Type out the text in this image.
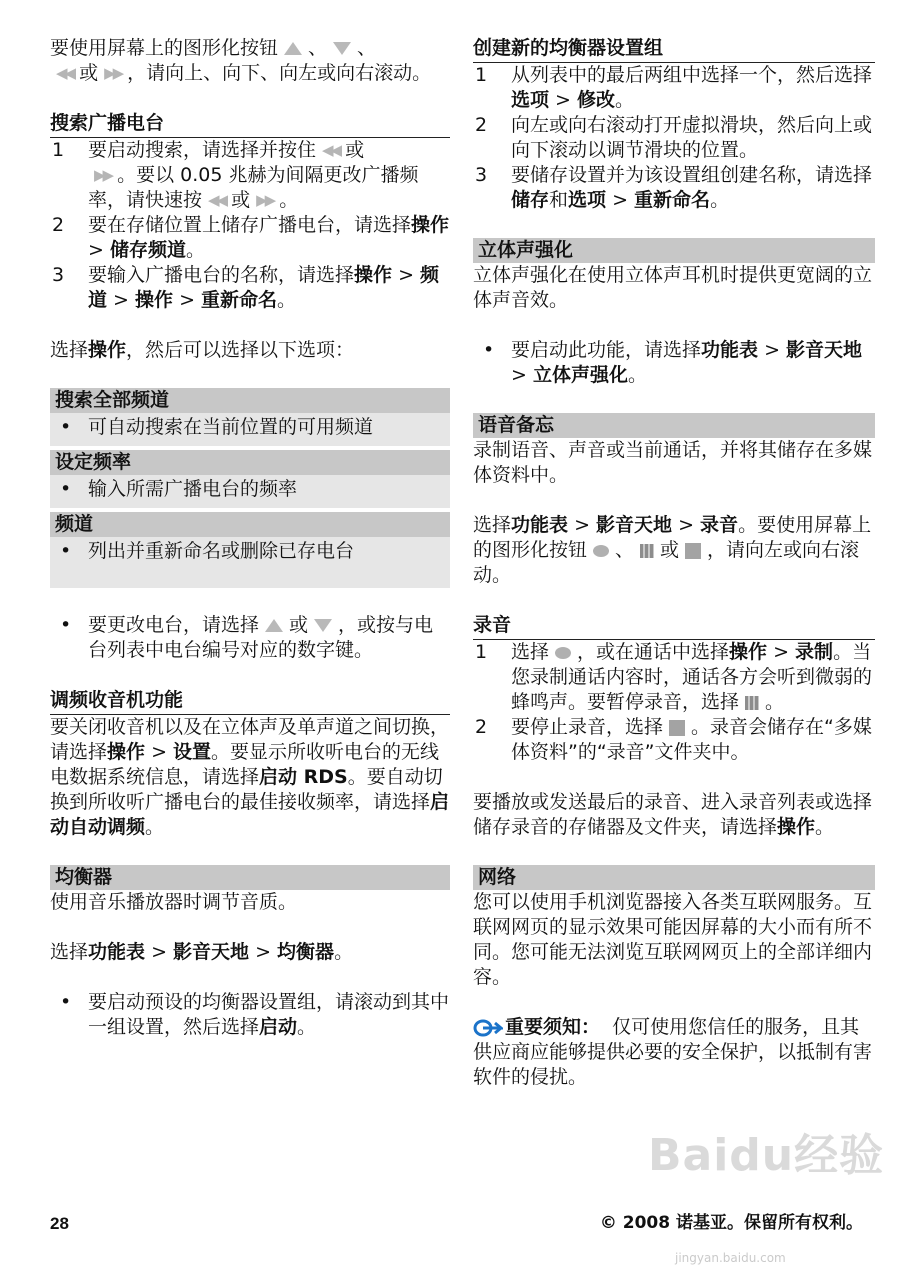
要使用屏幕上的图形化按钮 、 、
◀◀ 或 ▶▶ ，请向上、向下、向左或向右滚动。

搜索广播电台

1 要启动搜索，请选择并按住 ◀◀ 或
▶▶ 。要以 0.05 兆赫为间隔更改广播频率，请快速按 ◀◀ 或 ▶▶ 。
2 要在存储位置上储存广播电台，请选择操作 > 储存频道。
3 要输入广播电台的名称，请选择操作 > 频道 > 操作 > 重新命名。

选择操作，然后可以选择以下选项：

搜索全部频道

• 可自动搜索在当前位置的可用频道

设定频率

• 输入所需广播电台的频率

频道

• 列出并重新命名或删除已存电台
• 要更改电台，请选择 或 ，或按与电台列表中电台编号对应的数字键。

调频收音机功能

要关闭收音机以及在立体声及单声道之间切换，请选择操作 > 设置。要显示所收听电台的无线电数据系统信息，请选择启动 RDS。要自动切换到所收听广播电台的最佳接收频率，请选择启动自动调频。

均衡器

使用音乐播放器时调节音质。

选择功能表 > 影音天地 > 均衡器。

• 要启动预设的均衡器设置组，请滚动到其中一组设置，然后选择启动。

创建新的均衡器设置组

1 从列表中的最后两组中选择一个，然后选择选项 > 修改。
2 向左或向右滚动打开虚拟滑块，然后向上或向下滚动以调节滑块的位置。
3 要储存设置并为该设置组创建名称，请选择储存和选项 > 重新命名。

立体声强化

立体声强化在使用立体声耳机时提供更宽阔的立体声音效。

• 要启动此功能，请选择功能表 > 影音天地 > 立体声强化。

语音备忘

录制语音、声音或当前通话，并将其储存在多媒体资料中。

选择功能表 > 影音天地 > 录音。要使用屏幕上的图形化按钮 、 或 ，请向左或向右滚动。

录音

1 选择 ，或在通话中选择操作 > 录制。当您录制通话内容时，通话各方会听到微弱的蜂鸣声。要暂停录音，选择 。
2 要停止录音，选择 。录音会储存在“多媒体资料”的“录音”文件夹中。

要播放或发送最后的录音、进入录音列表或选择储存录音的存储器及文件夹，请选择操作。

网络

您可以使用手机浏览器接入各类互联网服务。互联网网页的显示效果可能因屏幕的大小而有所不同。您可能无法浏览互联网网页上的全部详细内容。

重要须知： 仅可使用您信任的服务，且其供应商应能够提供必要的安全保护，以抵制有害软件的侵扰。

28	© 2008 诺基亚。保留所有权利。
Baidu经验
jingyan.baidu.com
